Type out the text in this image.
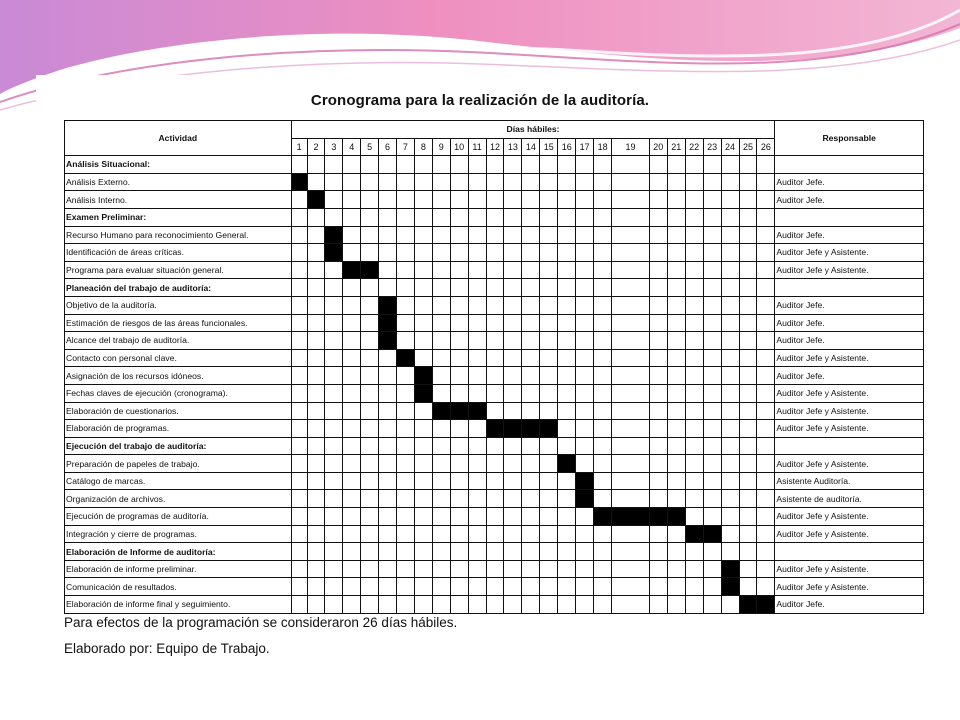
Cronograma para la realización de la auditoría.
Actividad	Días hábiles:																										Responsable
	1	2	3	4	5	6	7	8	9	10	11	12	13	14	15	16	17	18	19	20	21	22	23	24	25	26	
Análisis Situacional:																											
Análisis Externo.																											Auditor Jefe.
Análisis Interno.																											Auditor Jefe.
Examen Preliminar:																											
Recurso Humano para reconocimiento General.																											Auditor Jefe.
Identificación de áreas críticas.																											Auditor Jefe y Asistente.
Programa para evaluar situación general.																											Auditor Jefe y Asistente.
Planeación del trabajo de auditoría:																											
Objetivo de la auditoría.																											Auditor Jefe.
Estimación de riesgos de las áreas funcionales.																											Auditor Jefe.
Alcance del trabajo de auditoría.																											Auditor Jefe.
Contacto con personal clave.																											Auditor Jefe y Asistente.
Asignación de los recursos idóneos.																											Auditor Jefe.
Fechas claves de ejecución (cronograma).																											Auditor Jefe y Asistente.
Elaboración de cuestionarios.																											Auditor Jefe y Asistente.
Elaboración de programas.																											Auditor Jefe y Asistente.
Ejecución del trabajo de auditoría:																											
Preparación de papeles de trabajo.																											Auditor Jefe y Asistente.
Catálogo de marcas.																											Asistente Auditoría.
Organización de archivos.																											Asistente de auditoría.
Ejecución de programas de auditoría.																											Auditor Jefe y Asistente.
Integración y cierre de programas.																											Auditor Jefe y Asistente.
Elaboración de Informe de auditoría:																											
Elaboración de informe preliminar.																											Auditor Jefe y Asistente.
Comunicación de resultados.																											Auditor Jefe y Asistente.
Elaboración de informe final y seguimiento.																											Auditor Jefe.
Para efectos de la programación se consideraron 26 días hábiles.
Elaborado por: Equipo de Trabajo.
